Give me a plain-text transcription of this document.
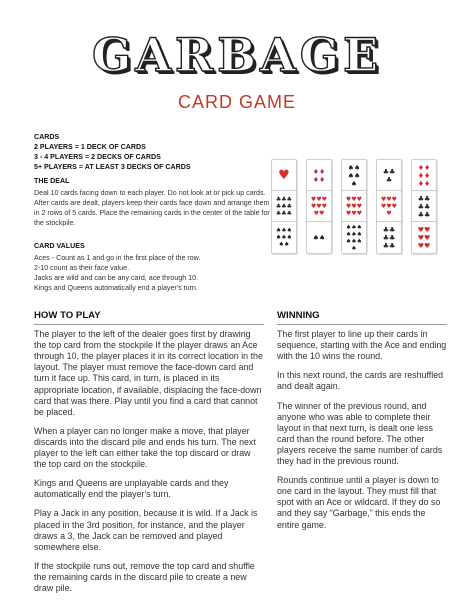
GARBAGE
CARD GAME
CARDS
2 PLAYERS = 1 DECK OF CARDS
3 - 4 PLAYERS = 2 DECKS OF CARDS
5+ PLAYERS = AT LEAST 3 DECKS OF CARDS
THE DEAL
Deal 10 cards facing down to each player. Do not look at or pick up cards. After cards are dealt, players keep their cards face down and arrange them in 2 rows of 5 cards. Place the remaining cards in the center of the table for the stockpile.
CARD VALUES
Aces - Count as 1 and go in the first place of the row.
2-10 count as their face value.
Jacks are wild and can be any card, ace through 10.
Kings and Queens automatically end a player's turn.
♥	♦♦
♦♦
♠♠
♠♠
♠
♣♣
♣
♦♦
♦♦
♦♦
♣♣♣
♣♣♣
♣♣♣
♥♥♥
♥♥♥
♥♥
♥♥♥
♥♥♥
♥♥♥
♥♥♥
♥♥♥
♥
♣♣
♣♣
♣♣
♠♠♠
♠♠♠
♠♠
♠♠
♠♠♠
♠♠♠
♠♠♠
♠
♣♣
♣♣
♣♣
♥♥
♥♥
♥♥
HOW TO PLAY
The player to the left of the dealer goes first by drawing the top card from the stockpile If the player draws an Ace through 10, the player places it in its correct location in the layout. The player must remove the face-down card and turn it face up. This card, in turn, is placed in its appropriate location, if available, displacing the face-down card that was there. Play until you find a card that cannot be placed.
When a player can no longer make a move, that player discards into the discard pile and ends his turn. The next player to the left can either take the top discard or draw the top card on the stockpile.
Kings and Queens are unplayable cards and they automatically end the player's turn.
Play a Jack in any position, because it is wild. If a Jack is placed in the 3rd position, for instance, and the player draws a 3, the Jack can be removed and played somewhere else.
If the stockpile runs out, remove the top card and shuffle the remaining cards in the discard pile to create a new draw pile.
WINNING
The first player to line up their cards in sequence, starting with the Ace and ending with the 10 wins the round.
In this next round, the cards are reshuffled and dealt again.
The winner of the previous round, and anyone who was able to complete their layout in that next turn, is dealt one less card than the round before. The other players receive the same number of cards they had in the previous round.
Rounds continue until a player is down to one card in the layout. They must fill that spot with an Ace or wildcard. If they do so and they say “Garbage,” this ends the entire game.
